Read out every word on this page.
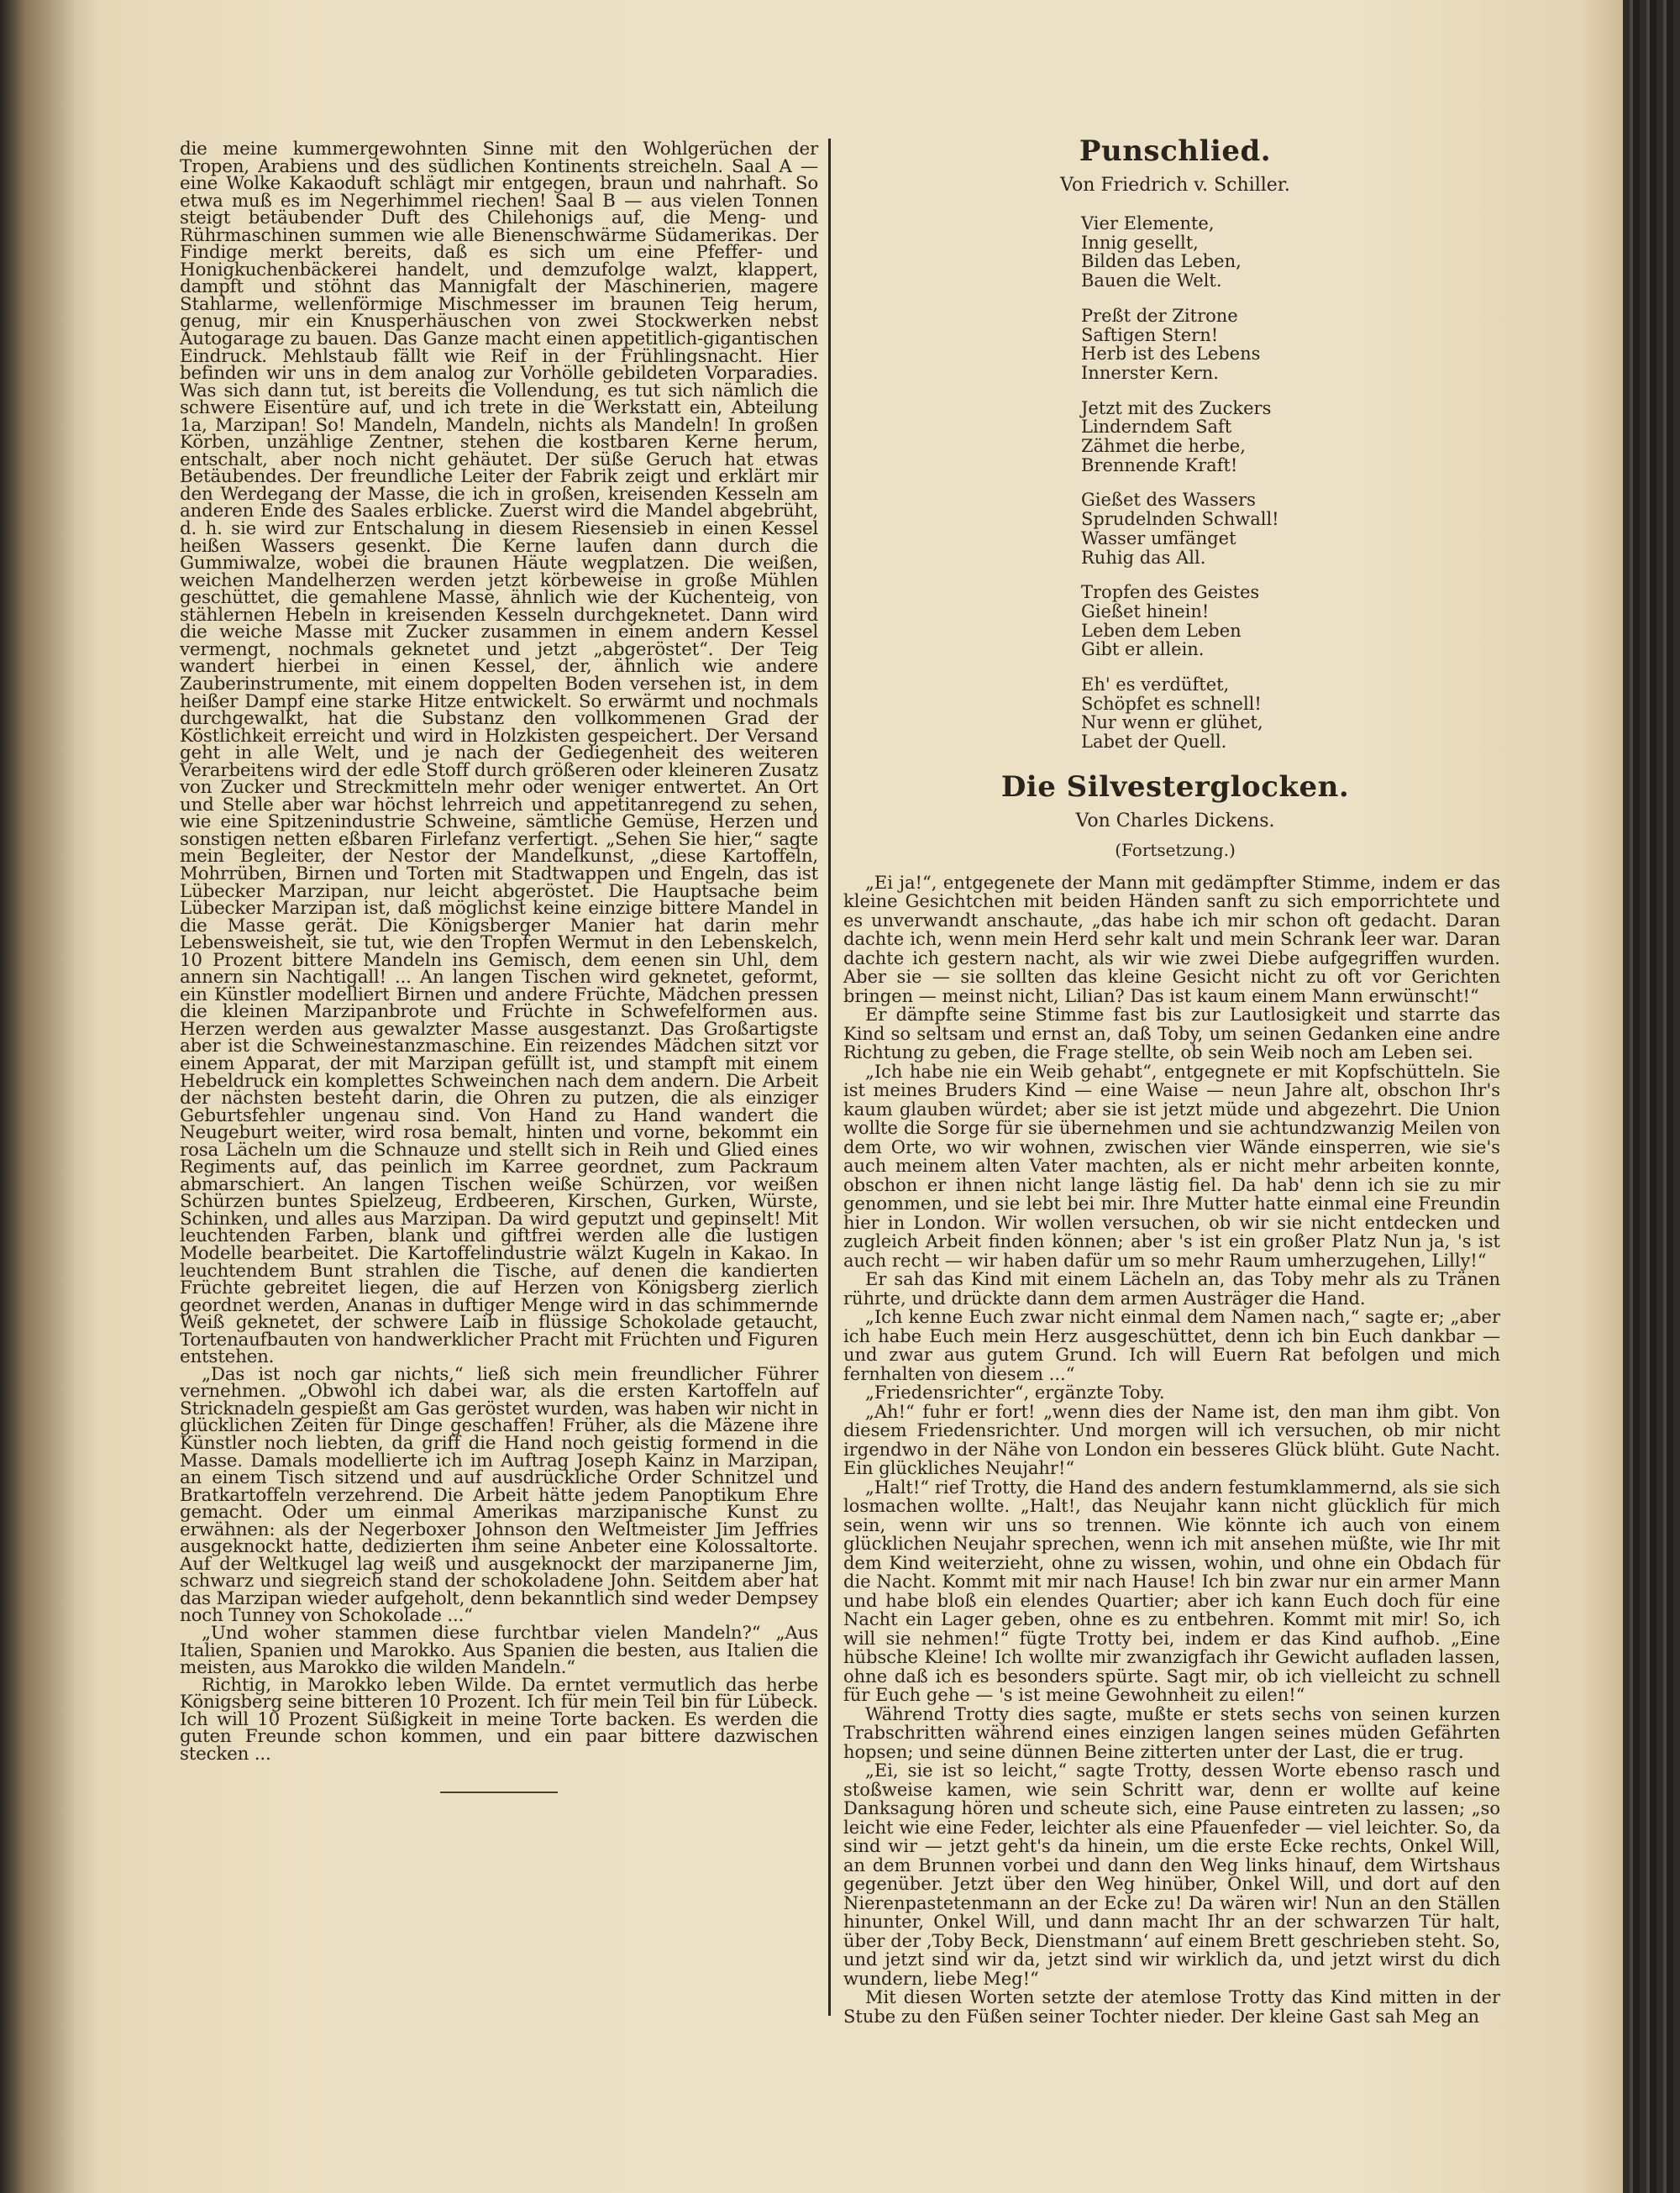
die meine kummergewohnten Sinne mit den Wohlgerüchen der Tropen, Arabiens und des südlichen Kontinents streicheln. Saal A — eine Wolke Kakaoduft schlägt mir entgegen, braun und nahrhaft. So etwa muß es im Negerhimmel riechen! Saal B — aus vielen Tonnen steigt betäubender Duft des Chilehonigs auf, die Meng- und Rührmaschinen summen wie alle Bienenschwärme Südamerikas. Der Findige merkt bereits, daß es sich um eine Pfeffer- und Honigkuchenbäckerei handelt, und demzufolge walzt, klappert, dampft und stöhnt das Mannigfalt der Maschinerien, magere Stahlarme, wellenförmige Mischmesser im braunen Teig herum, genug, mir ein Knusperhäuschen von zwei Stockwerken nebst Autogarage zu bauen. Das Ganze macht einen appetitlich-gigantischen Eindruck. Mehlstaub fällt wie Reif in der Frühlingsnacht. Hier befinden wir uns in dem analog zur Vorhölle gebildeten Vorparadies. Was sich dann tut, ist bereits die Vollendung, es tut sich nämlich die schwere Eisentüre auf, und ich trete in die Werkstatt ein, Abteilung 1a, Marzipan! So! Mandeln, Mandeln, nichts als Mandeln! In großen Körben, unzählige Zentner, stehen die kostbaren Kerne herum, entschalt, aber noch nicht gehäutet. Der süße Geruch hat etwas Betäubendes. Der freundliche Leiter der Fabrik zeigt und erklärt mir den Werdegang der Masse, die ich in großen, kreisenden Kesseln am anderen Ende des Saales erblicke. Zuerst wird die Mandel abgebrüht, d. h. sie wird zur Entschalung in diesem Riesensieb in einen Kessel heißen Wassers gesenkt. Die Kerne laufen dann durch die Gummiwalze, wobei die braunen Häute wegplatzen. Die weißen, weichen Mandelherzen werden jetzt körbeweise in große Mühlen geschüttet, die gemahlene Masse, ähnlich wie der Kuchenteig, von stählernen Hebeln in kreisenden Kesseln durchgeknetet. Dann wird die weiche Masse mit Zucker zusammen in einem andern Kessel vermengt, nochmals geknetet und jetzt „abgeröstet“. Der Teig wandert hierbei in einen Kessel, der, ähnlich wie andere Zauberinstrumente, mit einem doppelten Boden versehen ist, in dem heißer Dampf eine starke Hitze entwickelt. So erwärmt und nochmals durchgewalkt, hat die Substanz den vollkommenen Grad der Köstlichkeit erreicht und wird in Holzkisten gespeichert. Der Versand geht in alle Welt, und je nach der Gediegenheit des weiteren Verarbeitens wird der edle Stoff durch größeren oder kleineren Zusatz von Zucker und Streckmitteln mehr oder weniger entwertet. An Ort und Stelle aber war höchst lehrreich und appetitanregend zu sehen, wie eine Spitzenindustrie Schweine, sämtliche Gemüse, Herzen und sonstigen netten eßbaren Firlefanz verfertigt. „Sehen Sie hier,“ sagte mein Begleiter, der Nestor der Mandelkunst, „diese Kartoffeln, Mohrrüben, Birnen und Torten mit Stadtwappen und Engeln, das ist Lübecker Marzipan, nur leicht abgeröstet. Die Hauptsache beim Lübecker Marzipan ist, daß möglichst keine einzige bittere Mandel in die Masse gerät. Die Königsberger Manier hat darin mehr Lebensweisheit, sie tut, wie den Tropfen Wermut in den Lebenskelch, 10 Prozent bittere Mandeln ins Gemisch, dem eenen sin Uhl, dem annern sin Nachtigall! ... An langen Tischen wird geknetet, geformt, ein Künstler modelliert Birnen und andere Früchte, Mädchen pressen die kleinen Marzipanbrote und Früchte in Schwefelformen aus. Herzen werden aus gewalzter Masse ausgestanzt. Das Großartigste aber ist die Schweinestanzmaschine. Ein reizendes Mädchen sitzt vor einem Apparat, der mit Marzipan gefüllt ist, und stampft mit einem Hebeldruck ein komplettes Schweinchen nach dem andern. Die Arbeit der nächsten besteht darin, die Ohren zu putzen, die als einziger Geburtsfehler ungenau sind. Von Hand zu Hand wandert die Neugeburt weiter, wird rosa bemalt, hinten und vorne, bekommt ein rosa Lächeln um die Schnauze und stellt sich in Reih und Glied eines Regiments auf, das peinlich im Karree geordnet, zum Packraum abmarschiert. An langen Tischen weiße Schürzen, vor weißen Schürzen buntes Spielzeug, Erdbeeren, Kirschen, Gurken, Würste, Schinken, und alles aus Marzipan. Da wird geputzt und gepinselt! Mit leuchtenden Farben, blank und giftfrei werden alle die lustigen Modelle bearbeitet. Die Kartoffelindustrie wälzt Kugeln in Kakao. In leuchtendem Bunt strahlen die Tische, auf denen die kandierten Früchte gebreitet liegen, die auf Herzen von Königsberg zierlich geordnet werden, Ananas in duftiger Menge wird in das schimmernde Weiß geknetet, der schwere Laib in flüssige Schokolade getaucht, Tortenaufbauten von handwerklicher Pracht mit Früchten und Figuren entstehen.

„Das ist noch gar nichts,“ ließ sich mein freundlicher Führer vernehmen. „Obwohl ich dabei war, als die ersten Kartoffeln auf Stricknadeln gespießt am Gas geröstet wurden, was haben wir nicht in glücklichen Zeiten für Dinge geschaffen! Früher, als die Mäzene ihre Künstler noch liebten, da griff die Hand noch geistig formend in die Masse. Damals modellierte ich im Auftrag Joseph Kainz in Marzipan, an einem Tisch sitzend und auf ausdrückliche Order Schnitzel und Bratkartoffeln verzehrend. Die Arbeit hätte jedem Panoptikum Ehre gemacht. Oder um einmal Amerikas marzipanische Kunst zu erwähnen: als der Negerboxer Johnson den Weltmeister Jim Jeffries ausgeknockt hatte, dedizierten ihm seine Anbeter eine Kolossaltorte. Auf der Weltkugel lag weiß und ausgeknockt der marzipanerne Jim, schwarz und siegreich stand der schokoladene John. Seitdem aber hat das Marzipan wieder aufgeholt, denn bekanntlich sind weder Dempsey noch Tunney von Schokolade ...“

„Und woher stammen diese furchtbar vielen Mandeln?“ „Aus Italien, Spanien und Marokko. Aus Spanien die besten, aus Italien die meisten, aus Marokko die wilden Mandeln.“

Richtig, in Marokko leben Wilde. Da erntet vermutlich das herbe Königsberg seine bitteren 10 Prozent. Ich für mein Teil bin für Lübeck. Ich will 10 Prozent Süßigkeit in meine Torte backen. Es werden die guten Freunde schon kommen, und ein paar bittere dazwischen stecken ...

Punschlied.
Von Friedrich v. Schiller.
Vier Elemente,
Innig gesellt,
Bilden das Leben,
Bauen die Welt.
Preßt der Zitrone
Saftigen Stern!
Herb ist des Lebens
Innerster Kern.
Jetzt mit des Zuckers
Linderndem Saft
Zähmet die herbe,
Brennende Kraft!
Gießet des Wassers
Sprudelnden Schwall!
Wasser umfänget
Ruhig das All.
Tropfen des Geistes
Gießet hinein!
Leben dem Leben
Gibt er allein.
Eh' es verdüftet,
Schöpfet es schnell!
Nur wenn er glühet,
Labet der Quell.
Die Silvesterglocken.
Von Charles Dickens.
(Fortsetzung.)

„Ei ja!“, entgegenete der Mann mit gedämpfter Stimme, indem er das kleine Gesichtchen mit beiden Händen sanft zu sich emporrichtete und es unverwandt anschaute, „das habe ich mir schon oft gedacht. Daran dachte ich, wenn mein Herd sehr kalt und mein Schrank leer war. Daran dachte ich gestern nacht, als wir wie zwei Diebe aufgegriffen wurden. Aber sie — sie sollten das kleine Gesicht nicht zu oft vor Gerichten bringen — meinst nicht, Lilian? Das ist kaum einem Mann erwünscht!“

Er dämpfte seine Stimme fast bis zur Lautlosigkeit und starrte das Kind so seltsam und ernst an, daß Toby, um seinen Gedanken eine andre Richtung zu geben, die Frage stellte, ob sein Weib noch am Leben sei.

„Ich habe nie ein Weib gehabt“, entgegnete er mit Kopfschütteln. Sie ist meines Bruders Kind — eine Waise — neun Jahre alt, obschon Ihr's kaum glauben würdet; aber sie ist jetzt müde und abgezehrt. Die Union wollte die Sorge für sie übernehmen und sie achtundzwanzig Meilen von dem Orte, wo wir wohnen, zwischen vier Wände einsperren, wie sie's auch meinem alten Vater machten, als er nicht mehr arbeiten konnte, obschon er ihnen nicht lange lästig fiel. Da hab' denn ich sie zu mir genommen, und sie lebt bei mir. Ihre Mutter hatte einmal eine Freundin hier in London. Wir wollen versuchen, ob wir sie nicht entdecken und zugleich Arbeit finden können; aber 's ist ein großer Platz Nun ja, 's ist auch recht — wir haben dafür um so mehr Raum umherzugehen, Lilly!“

Er sah das Kind mit einem Lächeln an, das Toby mehr als zu Tränen rührte, und drückte dann dem armen Austräger die Hand.

„Ich kenne Euch zwar nicht einmal dem Namen nach,“ sagte er; „aber ich habe Euch mein Herz ausgeschüttet, denn ich bin Euch dankbar — und zwar aus gutem Grund. Ich will Euern Rat befolgen und mich fernhalten von diesem ...“

„Friedensrichter“, ergänzte Toby.

„Ah!“ fuhr er fort! „wenn dies der Name ist, den man ihm gibt. Von diesem Friedensrichter. Und morgen will ich versuchen, ob mir nicht irgendwo in der Nähe von London ein besseres Glück blüht. Gute Nacht. Ein glückliches Neujahr!“

„Halt!“ rief Trotty, die Hand des andern festumklammernd, als sie sich losmachen wollte. „Halt!, das Neujahr kann nicht glücklich für mich sein, wenn wir uns so trennen. Wie könnte ich auch von einem glücklichen Neujahr sprechen, wenn ich mit ansehen müßte, wie Ihr mit dem Kind weiterzieht, ohne zu wissen, wohin, und ohne ein Obdach für die Nacht. Kommt mit mir nach Hause! Ich bin zwar nur ein armer Mann und habe bloß ein elendes Quartier; aber ich kann Euch doch für eine Nacht ein Lager geben, ohne es zu entbehren. Kommt mit mir! So, ich will sie nehmen!“ fügte Trotty bei, indem er das Kind aufhob. „Eine hübsche Kleine! Ich wollte mir zwanzigfach ihr Gewicht aufladen lassen, ohne daß ich es besonders spürte. Sagt mir, ob ich vielleicht zu schnell für Euch gehe — 's ist meine Gewohnheit zu eilen!“

Während Trotty dies sagte, mußte er stets sechs von seinen kurzen Trabschritten während eines einzigen langen seines müden Gefährten hopsen; und seine dünnen Beine zitterten unter der Last, die er trug.

„Ei, sie ist so leicht,“ sagte Trotty, dessen Worte ebenso rasch und stoßweise kamen, wie sein Schritt war, denn er wollte auf keine Danksagung hören und scheute sich, eine Pause eintreten zu lassen; „so leicht wie eine Feder, leichter als eine Pfauenfeder — viel leichter. So, da sind wir — jetzt geht's da hinein, um die erste Ecke rechts, Onkel Will, an dem Brunnen vorbei und dann den Weg links hinauf, dem Wirtshaus gegenüber. Jetzt über den Weg hinüber, Onkel Will, und dort auf den Nierenpastetenmann an der Ecke zu! Da wären wir! Nun an den Ställen hinunter, Onkel Will, und dann macht Ihr an der schwarzen Tür halt, über der ‚Toby Beck, Dienstmann‘ auf einem Brett geschrieben steht. So, und jetzt sind wir da, jetzt sind wir wirklich da, und jetzt wirst du dich wundern, liebe Meg!“

Mit diesen Worten setzte der atemlose Trotty das Kind mitten in der Stube zu den Füßen seiner Tochter nieder. Der kleine Gast sah Meg an
